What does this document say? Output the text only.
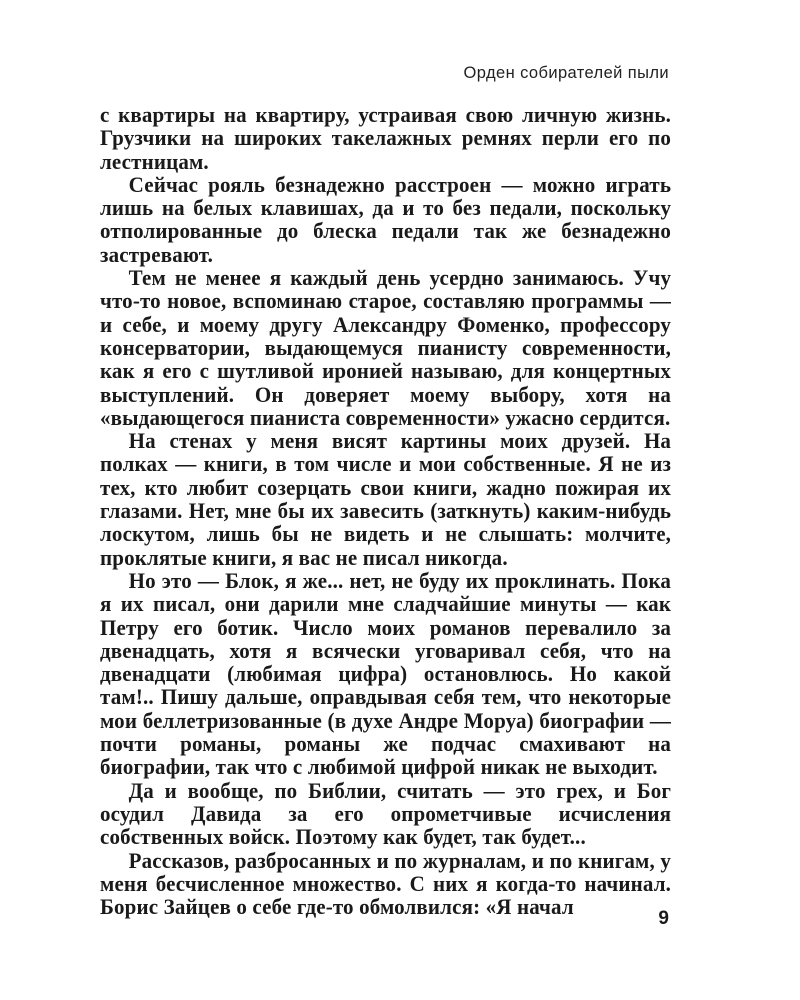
Орден собирателей пыли

с квартиры на квартиру, устраивая свою личную жизнь. Грузчики на широких такелажных ремнях перли его по лестницам.

Сейчас рояль безнадежно расстроен — можно играть лишь на белых клавишах, да и то без педали, поскольку отполированные до блеска педали так же безнадежно застревают.

Тем не менее я каждый день усердно занимаюсь. Учу что-то новое, вспоминаю старое, составляю программы — и себе, и моему другу Александру Фоменко, профессору консерватории, выдающемуся пианисту современности, как я его с шутливой иронией называю, для концертных выступлений. Он доверяет моему выбору, хотя на «выдающегося пианиста современности» ужасно сердится.

На стенах у меня висят картины моих друзей. На полках — книги, в том числе и мои собственные. Я не из тех, кто любит созерцать свои книги, жадно пожирая их глазами. Нет, мне бы их завесить (заткнуть) каким-нибудь лоскутом, лишь бы не видеть и не слышать: молчите, проклятые книги, я вас не писал никогда.

Но это — Блок, я же... нет, не буду их проклинать. Пока я их писал, они дарили мне сладчайшие минуты — как Петру его ботик. Число моих романов перевалило за двенадцать, хотя я всячески уговаривал себя, что на двенадцати (любимая цифра) остановлюсь. Но какой там!.. Пишу дальше, оправдывая себя тем, что некоторые мои беллетризованные (в духе Андре Моруа) биографии — почти романы, романы же подчас смахивают на биографии, так что с любимой цифрой никак не выходит.

Да и вообще, по Библии, считать — это грех, и Бог осудил Давида за его опрометчивые исчисления собственных войск. Поэтому как будет, так будет...

Рассказов, разбросанных и по журналам, и по книгам, у меня бесчисленное множество. С них я когда-то начинал. Борис Зайцев о себе где-то обмолвился: «Я начал	9
